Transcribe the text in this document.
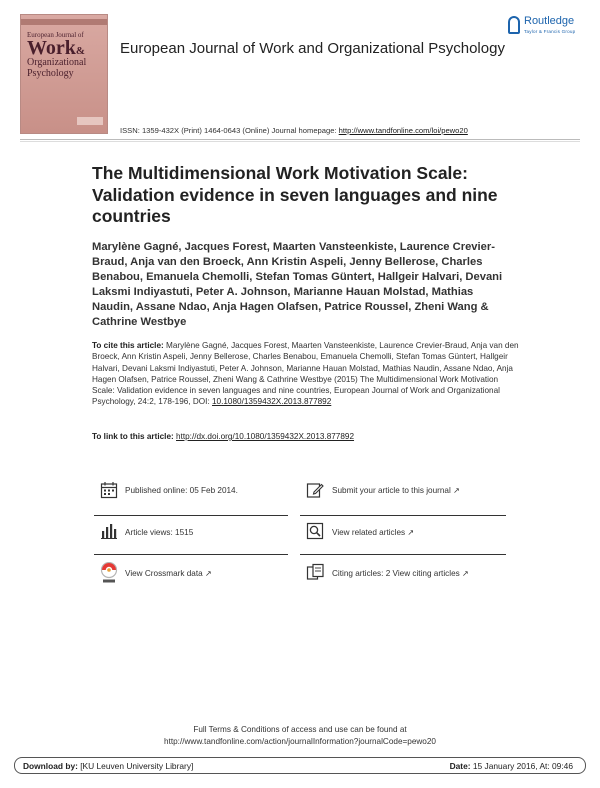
European Journal of
Work&
Organizational
Psychology
European Journal of Work and Organizational Psychology
Routledge
Taylor & Francis Group
ISSN: 1359-432X (Print) 1464-0643 (Online) Journal homepage: http://www.tandfonline.com/loi/pewo20
The Multidimensional Work Motivation Scale: Validation evidence in seven languages and nine countries
Marylène Gagné, Jacques Forest, Maarten Vansteenkiste, Laurence Crevier-Braud, Anja van den Broeck, Ann Kristin Aspeli, Jenny Bellerose, Charles Benabou, Emanuela Chemolli, Stefan Tomas Güntert, Hallgeir Halvari, Devani Laksmi Indiyastuti, Peter A. Johnson, Marianne Hauan Molstad, Mathias Naudin, Assane Ndao, Anja Hagen Olafsen, Patrice Roussel, Zheni Wang & Cathrine Westbye
To cite this article: Marylène Gagné, Jacques Forest, Maarten Vansteenkiste, Laurence Crevier-Braud, Anja van den Broeck, Ann Kristin Aspeli, Jenny Bellerose, Charles Benabou, Emanuela Chemolli, Stefan Tomas Güntert, Hallgeir Halvari, Devani Laksmi Indiyastuti, Peter A. Johnson, Marianne Hauan Molstad, Mathias Naudin, Assane Ndao, Anja Hagen Olafsen, Patrice Roussel, Zheni Wang & Cathrine Westbye (2015) The Multidimensional Work Motivation Scale: Validation evidence in seven languages and nine countries, European Journal of Work and Organizational Psychology, 24:2, 178-196, DOI: 10.1080/1359432X.2013.877892
To link to this article: http://dx.doi.org/10.1080/1359432X.2013.877892
Published online: 05 Feb 2014.	Submit your article to this journal ↗
Article views: 1515	View related articles ↗
View Crossmark data ↗	Citing articles: 2 View citing articles ↗
Full Terms & Conditions of access and use can be found at
http://www.tandfonline.com/action/journalInformation?journalCode=pewo20
Download by: [KU Leuven University Library]	Date: 15 January 2016, At: 09:46
